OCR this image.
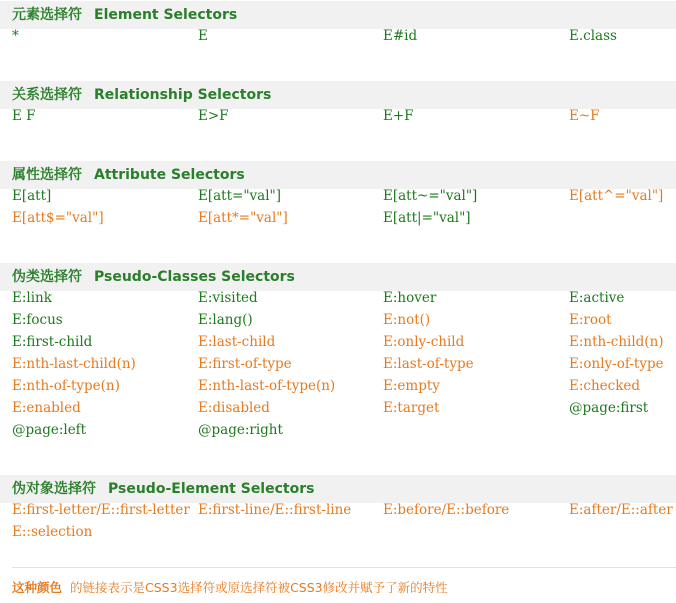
元素选择符 Element Selectors
*	E	E#id	E.class
关系选择符 Relationship Selectors
E F	E>F	E+F	E~F
属性选择符 Attribute Selectors
E[att]	E[att="val"]	E[att~="val"]	E[att^="val"]
E[att$="val"]	E[att*="val"]	E[att|="val"]
伪类选择符 Pseudo-Classes Selectors
E:link	E:visited	E:hover	E:active
E:focus	E:lang()	E:not()	E:root
E:first-child	E:last-child	E:only-child	E:nth-child(n)
E:nth-last-child(n)	E:first-of-type	E:last-of-type	E:only-of-type
E:nth-of-type(n)	E:nth-last-of-type(n)	E:empty	E:checked
E:enabled	E:disabled	E:target	@page:first
@page:left	@page:right
伪对象选择符 Pseudo-Element Selectors
E:first-letter/E::first-letter E:first-line/E::first-line E:before/E::before	E:after/E::after
E::selection
这种颜色 的链接表示是CSS3选择符或原选择符被CSS3修改并赋予了新的特性
